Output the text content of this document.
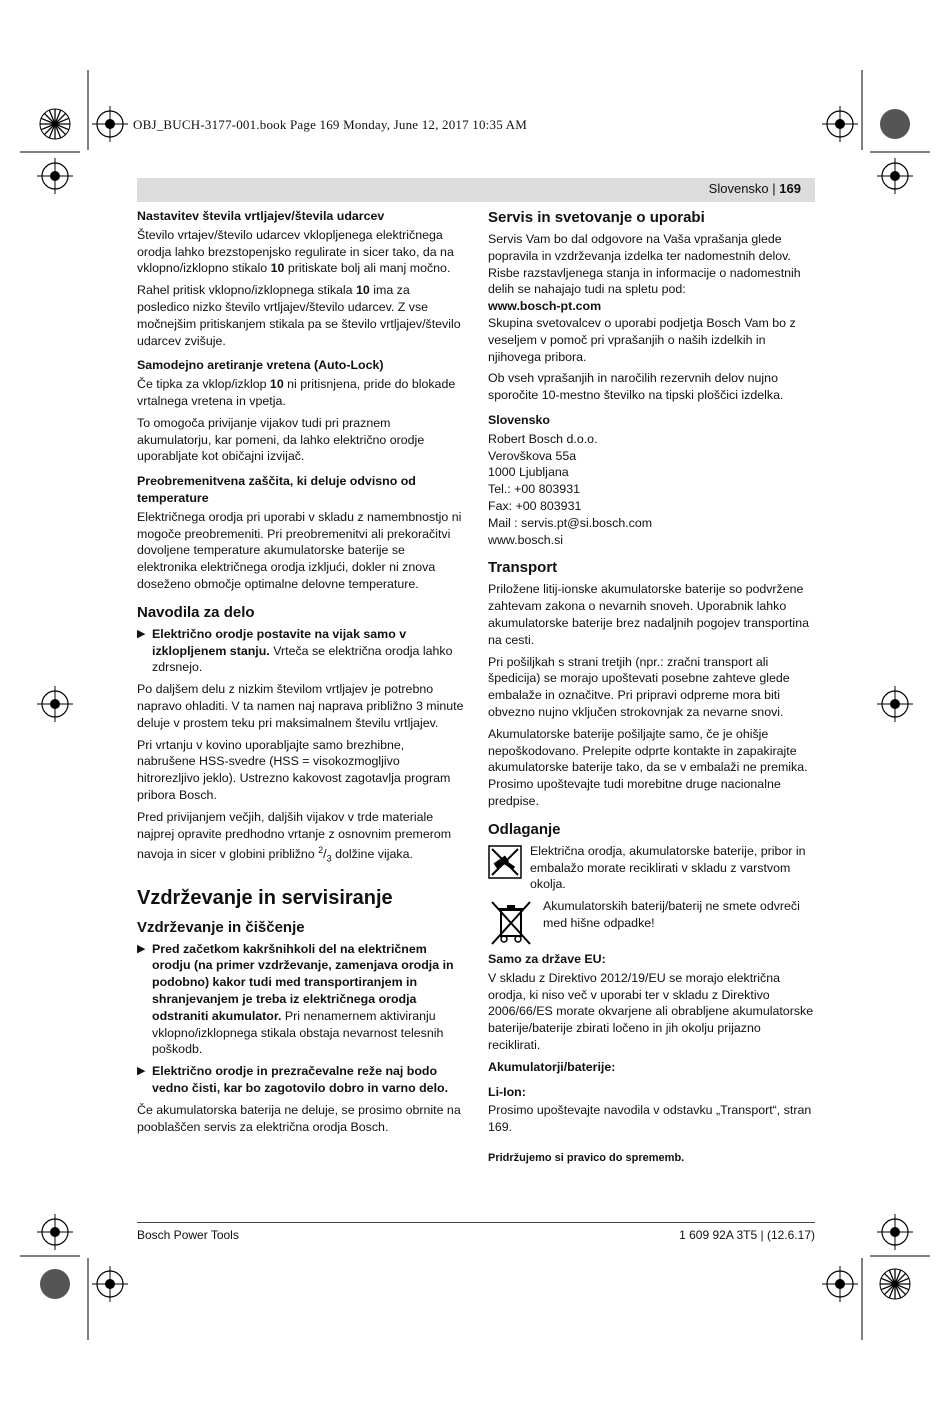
OBJ_BUCH-3177-001.book Page 169 Monday, June 12, 2017 10:35 AM
Slovensko | 169
Nastavitev števila vrtljajev/števila udarcev

Število vrtajev/število udarcev vklopljenega električnega orodja lahko brezstopenjsko regulirate in sicer tako, da na vklopno/izklopno stikalo 10 pritiskate bolj ali manj močno.

Rahel pritisk vklopno/izklopnega stikala 10 ima za posledico nizko število vrtljajev/število udarcev. Z vse močnejšim pritiskanjem stikala pa se število vrtljajev/število udarcev zvišuje.

Samodejno aretiranje vretena (Auto-Lock)

Če tipka za vklop/izklop 10 ni pritisnjena, pride do blokade vrtalnega vretena in vpetja.

To omogoča privijanje vijakov tudi pri praznem akumulatorju, kar pomeni, da lahko električno orodje uporabljate kot običajni izvijač.

Preobremenitvena zaščita, ki deluje odvisno od temperature

Električnega orodja pri uporabi v skladu z namembnostjo ni mogoče preobremeniti. Pri preobremenitvi ali prekoračitvi dovoljene temperature akumulatorske baterije se elektronika električnega orodja izkljući, dokler ni znova doseženo območje optimalne delovne temperature.

Navodila za delo
▶ Električno orodje postavite na vijak samo v izklopljenem stanju. Vrteča se električna orodja lahko zdrsnejo.

Po daljšem delu z nizkim številom vrtljajev je potrebno napravo ohladiti. V ta namen naj naprava približno 3 minute deluje v prostem teku pri maksimalnem številu vrtljajev.

Pri vrtanju v kovino uporabljajte samo brezhibne, nabrušene HSS-svedre (HSS = visokozmogljivo hitrorezljivo jeklo). Ustrezno kakovost zagotavlja program pribora Bosch.

Pred privijanjem večjih, daljših vijakov v trde materiale najprej opravite predhodno vrtanje z osnovnim premerom navoja in sicer v globini približno $^2/_3$ dolžine vijaka.

Vzdrževanje in servisiranje
Vzdrževanje in čiščenje
▶ Pred začetkom kakršnihkoli del na električnem orodju (na primer vzdrževanje, zamenjava orodja in podobno) kakor tudi med transportiranjem in shranjevanjem je treba iz električnega orodja odstraniti akumulator. Pri nenamernem aktiviranju vklopno/izklopnega stikala obstaja nevarnost telesnih poškodb.
▶ Električno orodje in prezračevalne reže naj bodo vedno čisti, kar bo zagotovilo dobro in varno delo.

Če akumulatorska baterija ne deluje, se prosimo obrnite na pooblaščen servis za električna orodja Bosch.

Servis in svetovanje o uporabi

Servis Vam bo dal odgovore na Vaša vprašanja glede popravila in vzdrževanja izdelka ter nadomestnih delov. Risbe razstavljenega stanja in informacije o nadomestnih delih se nahajajo tudi na spletu pod:

www.bosch-pt.com

Skupina svetovalcev o uporabi podjetja Bosch Vam bo z veseljem v pomoč pri vprašanjih o naših izdelkih in njihovega pribora.

Ob vseh vprašanjih in naročilih rezervnih delov nujno sporočite 10-mestno številko na tipski ploščici izdelka.

Slovensko

Robert Bosch d.o.o.

Verovškova 55a

1000 Ljubljana

Tel.: +00 803931

Fax: +00 803931

Mail : servis.pt@si.bosch.com

www.bosch.si

Transport

Priložene litij-ionske akumulatorske baterije so podvržene zahtevam zakona o nevarnih snoveh. Uporabnik lahko akumulatorske baterije brez nadaljnih pogojev transportina na cesti.

Pri pošiljkah s strani tretjih (npr.: zračni transport ali špedicija) se morajo upoštevati posebne zahteve glede embalaže in označitve. Pri pripravi odpreme mora biti obvezno nujno vključen strokovnjak za nevarne snovi.

Akumulatorske baterije pošiljajte samo, če je ohišje nepoškodovano. Prelepite odprte kontakte in zapakirajte akumulatorske baterije tako, da se v embalaži ne premika.

Prosimo upoštevajte tudi morebitne druge nacionalne predpise.

Odlaganje
Električna orodja, akumulatorske baterije, pribor in embalažo morate reciklirati v skladu z varstvom okolja.
Akumulatorskih baterij/baterij ne smete odvreči med hišne odpadke!
Samo za države EU:

V skladu z Direktivo 2012/19/EU se morajo električna orodja, ki niso več v uporabi ter v skladu z Direktivo 2006/66/ES morate okvarjene ali obrabljene akumulatorske baterije/baterije zbirati ločeno in jih okolju prijazno reciklirati.

Akumulatorji/baterije:
Li-Ion:

Prosimo upoštevajte navodila v odstavku „Transport“, stran 169.

Pridržujemo si pravico do sprememb.
Bosch Power Tools	1 609 92A 3T5 | (12.6.17)
